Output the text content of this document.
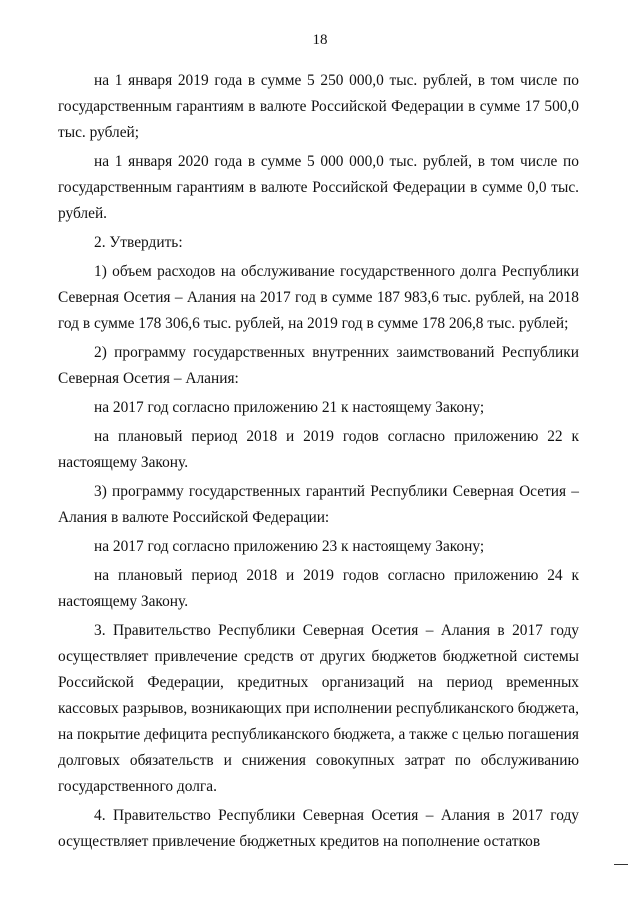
18

на 1 января 2019 года в сумме 5 250 000,0 тыс. рублей, в том числе по государственным гарантиям в валюте Российской Федерации в сумме 17 500,0 тыс. рублей;

на 1 января 2020 года в сумме 5 000 000,0 тыс. рублей, в том числе по государственным гарантиям в валюте Российской Федерации в сумме 0,0 тыс. рублей.

2. Утвердить:

1) объем расходов на обслуживание государственного долга Республики Северная Осетия – Алания на 2017 год в сумме 187 983,6 тыс. рублей, на 2018 год в сумме 178 306,6 тыс. рублей, на 2019 год в сумме 178 206,8 тыс. рублей;

2) программу государственных внутренних заимствований Республики Северная Осетия – Алания:

на 2017 год согласно приложению 21 к настоящему Закону;

на плановый период 2018 и 2019 годов согласно приложению 22 к настоящему Закону.

3) программу государственных гарантий Республики Северная Осетия – Алания в валюте Российской Федерации:

на 2017 год согласно приложению 23 к настоящему Закону;

на плановый период 2018 и 2019 годов согласно приложению 24 к настоящему Закону.

3. Правительство Республики Северная Осетия – Алания в 2017 году осуществляет привлечение средств от других бюджетов бюджетной системы Российской Федерации, кредитных организаций на период временных кассовых разрывов, возникающих при исполнении республиканского бюджета, на покрытие дефицита республиканского бюджета, а также с целью погашения долговых обязательств и снижения совокупных затрат по обслуживанию государственного долга.

4. Правительство Республики Северная Осетия – Алания в 2017 году осуществляет привлечение бюджетных кредитов на пополнение остатков
